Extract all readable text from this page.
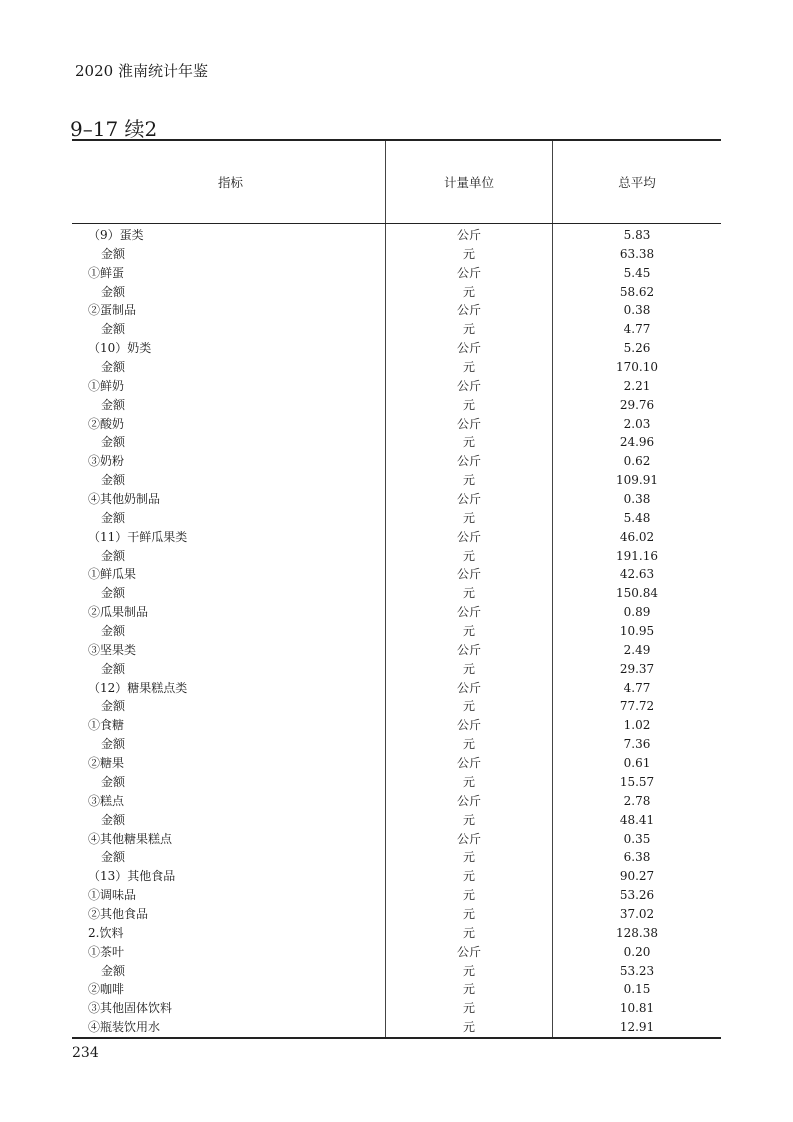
2020 淮南统计年鉴
9–17 续2
指标	计量单位	总平均
（9）蛋类	公斤	5.83
金额	元	63.38
①鲜蛋	公斤	5.45
金额	元	58.62
②蛋制品	公斤	0.38
金额	元	4.77
（10）奶类	公斤	5.26
金额	元	170.10
①鲜奶	公斤	2.21
金额	元	29.76
②酸奶	公斤	2.03
金额	元	24.96
③奶粉	公斤	0.62
金额	元	109.91
④其他奶制品	公斤	0.38
金额	元	5.48
（11）干鲜瓜果类	公斤	46.02
金额	元	191.16
①鲜瓜果	公斤	42.63
金额	元	150.84
②瓜果制品	公斤	0.89
金额	元	10.95
③坚果类	公斤	2.49
金额	元	29.37
（12）糖果糕点类	公斤	4.77
金额	元	77.72
①食糖	公斤	1.02
金额	元	7.36
②糖果	公斤	0.61
金额	元	15.57
③糕点	公斤	2.78
金额	元	48.41
④其他糖果糕点	公斤	0.35
金额	元	6.38
（13）其他食品	元	90.27
①调味品	元	53.26
②其他食品	元	37.02
2.饮料	元	128.38
①茶叶	公斤	0.20
金额	元	53.23
②咖啡	元	0.15
③其他固体饮料	元	10.81
④瓶装饮用水	元	12.91
234
